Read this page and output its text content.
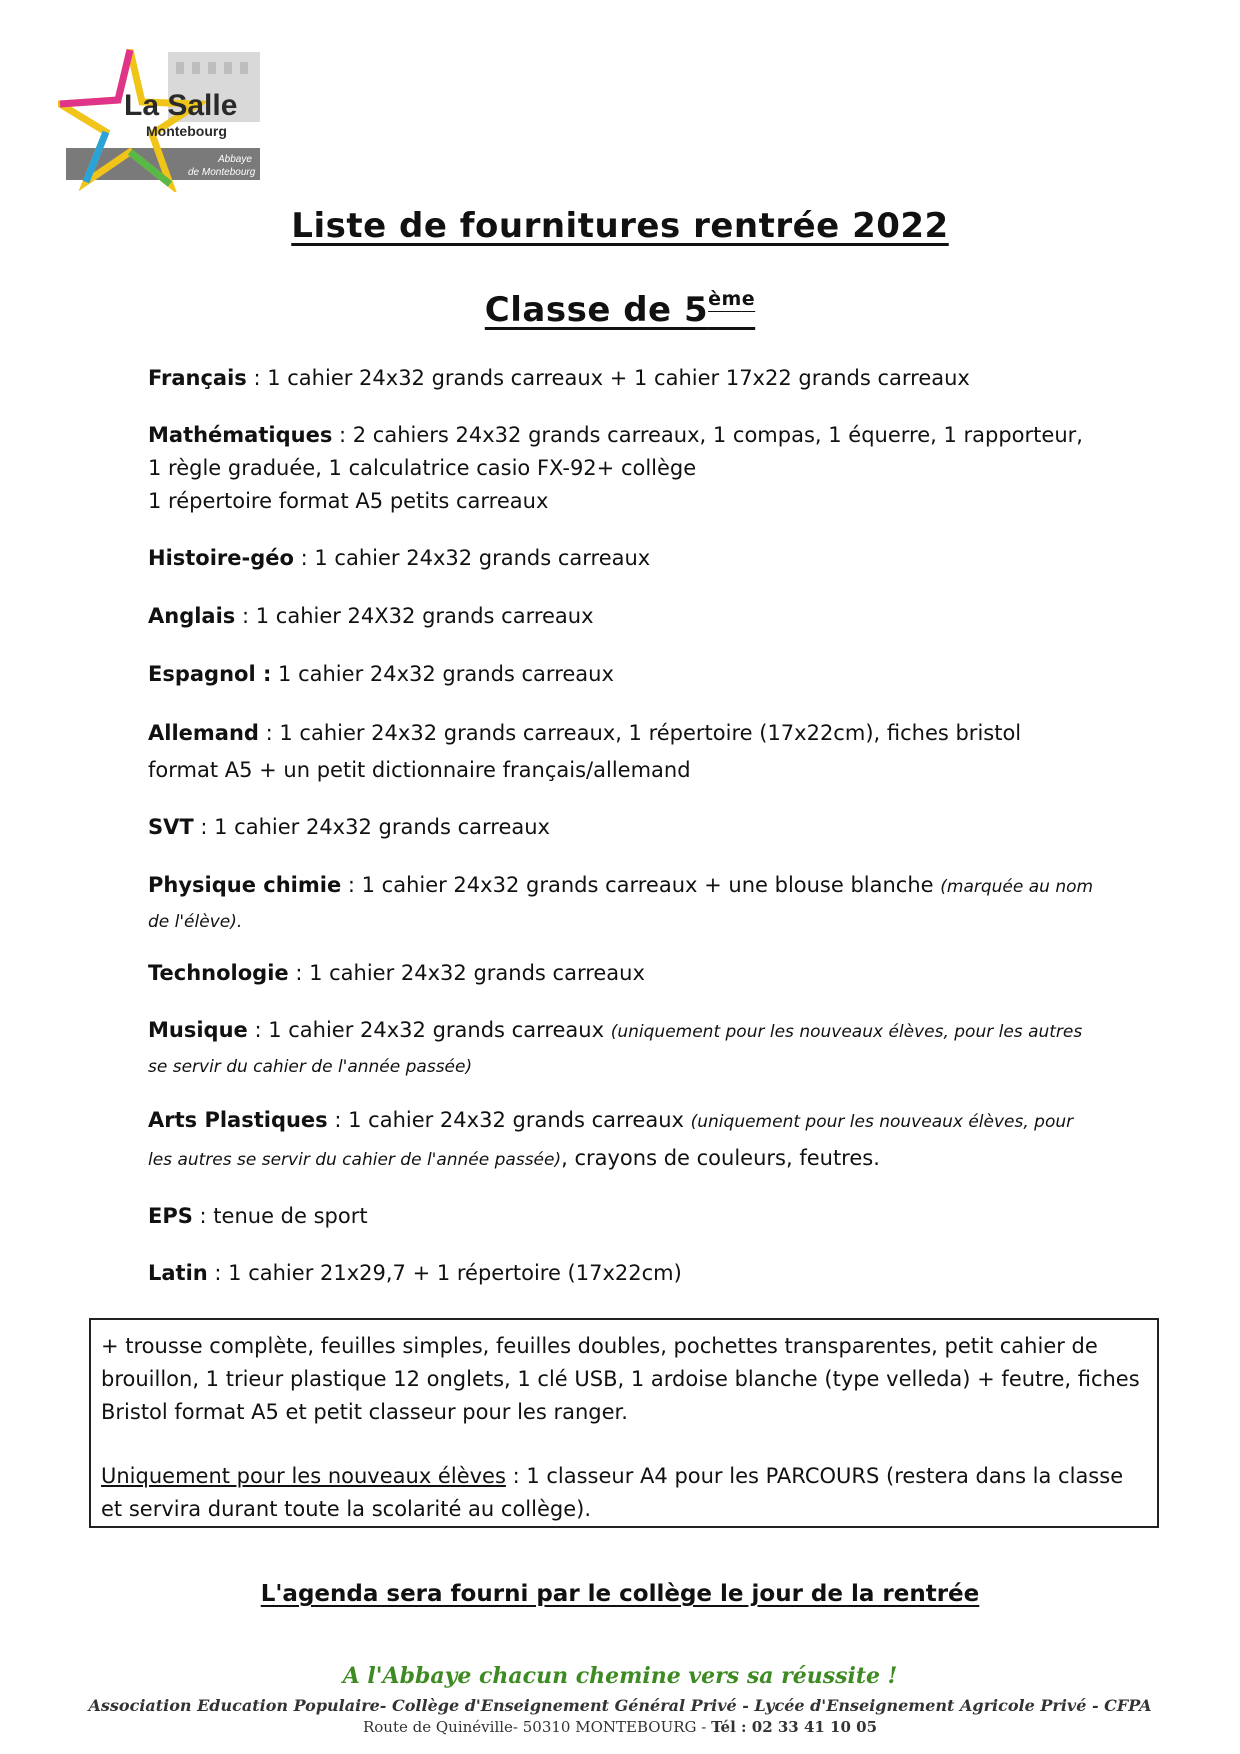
La Salle
Montebourg
Abbaye
de Montebourg
Liste de fournitures rentrée 2022
Classe de 5ème
Français : 1 cahier 24x32 grands carreaux + 1 cahier 17x22 grands carreaux
Mathématiques : 2 cahiers 24x32 grands carreaux, 1 compas, 1 équerre, 1 rapporteur,
1 règle graduée, 1 calculatrice casio FX-92+ collège
1 répertoire format A5 petits carreaux
Histoire-géo : 1 cahier 24x32 grands carreaux
Anglais : 1 cahier 24X32 grands carreaux
Espagnol : 1 cahier 24x32 grands carreaux
Allemand : 1 cahier 24x32 grands carreaux, 1 répertoire (17x22cm), fiches bristol
format A5 + un petit dictionnaire français/allemand
SVT : 1 cahier 24x32 grands carreaux
Physique chimie : 1 cahier 24x32 grands carreaux + une blouse blanche (marquée au nom de l'élève).
Technologie : 1 cahier 24x32 grands carreaux
Musique : 1 cahier 24x32 grands carreaux (uniquement pour les nouveaux élèves, pour les autres se servir du cahier de l'année passée)
Arts Plastiques : 1 cahier 24x32 grands carreaux (uniquement pour les nouveaux élèves, pour les autres se servir du cahier de l'année passée), crayons de couleurs, feutres.
EPS : tenue de sport
Latin : 1 cahier 21x29,7 + 1 répertoire (17x22cm)

+ trousse complète, feuilles simples, feuilles doubles, pochettes transparentes, petit cahier de brouillon, 1 trieur plastique 12 onglets, 1 clé USB, 1 ardoise blanche (type velleda) + feutre, fiches Bristol format A5 et petit classeur pour les ranger.

Uniquement pour les nouveaux élèves : 1 classeur A4 pour les PARCOURS (restera dans la classe et servira durant toute la scolarité au collège).

L'agenda sera fourni par le collège le jour de la rentrée
A l'Abbaye chacun chemine vers sa réussite !
Association Education Populaire- Collège d'Enseignement Général Privé - Lycée d'Enseignement Agricole Privé - CFPA
Route de Quinéville- 50310 MONTEBOURG - Tél : 02 33 41 10 05
